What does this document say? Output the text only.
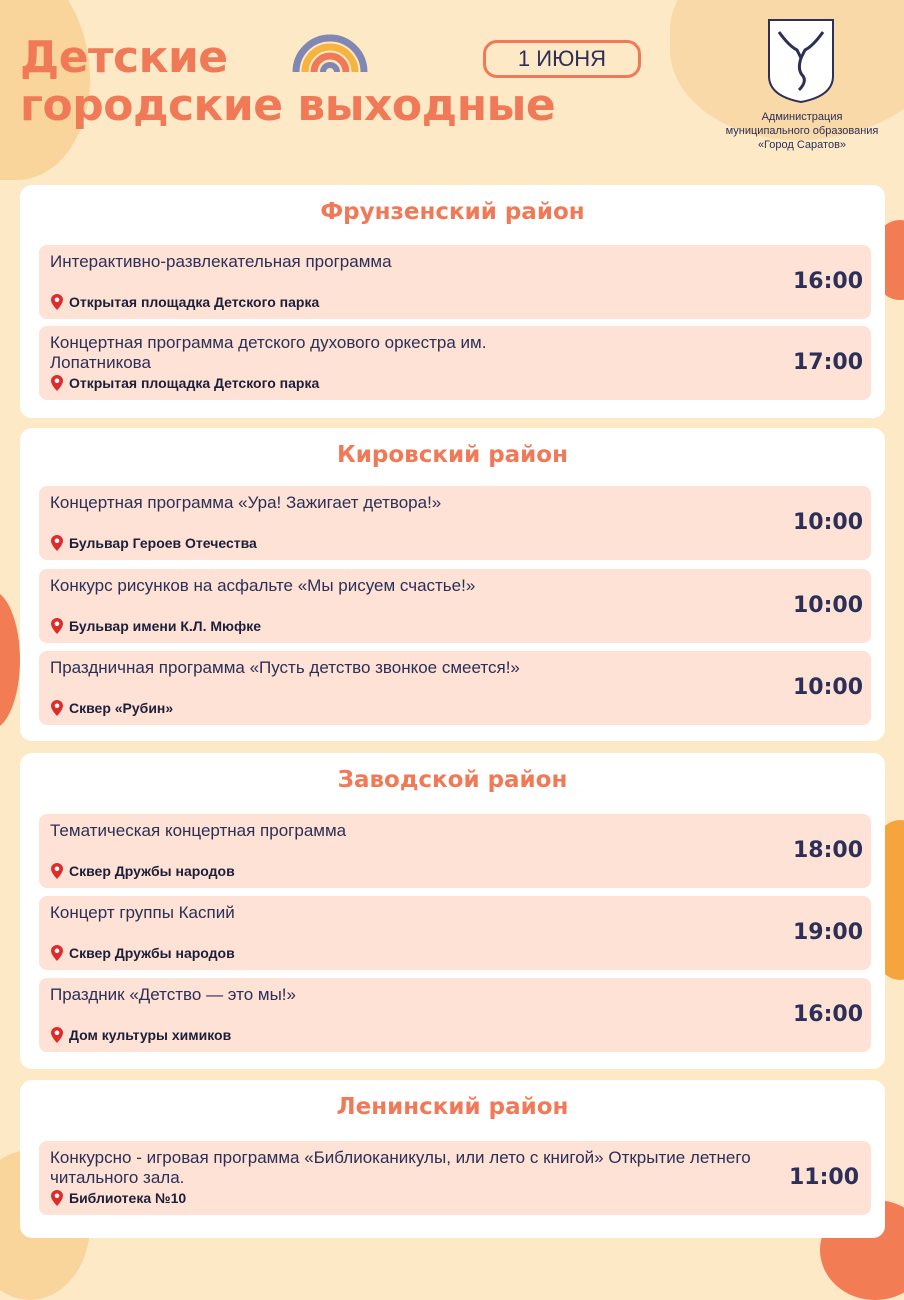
Детские
городские выходные
1 ИЮНЯ
Администрация
муниципального образования
«Город Саратов»
Фрунзенский район
Интерактивно-развлекательная программа
Открытая площадка Детского парка
16:00
Концертная программа детского духового оркестра им. Лопатникова
Открытая площадка Детского парка
17:00
Кировский район
Концертная программа «Ура! Зажигает детвора!»
Бульвар Героев Отечества
10:00
Конкурс рисунков на асфальте «Мы рисуем счастье!»
Бульвар имени К.Л. Мюфке
10:00
Праздничная программа «Пусть детство звонкое смеется!»
Сквер «Рубин»
10:00
Заводской район
Тематическая концертная программа
Сквер Дружбы народов
18:00
Концерт группы Каспий
Сквер Дружбы народов
19:00
Праздник «Детство — это мы!»
Дом культуры химиков
16:00
Ленинский район
Конкурсно - игровая программа «Библиоканикулы, или лето с книгой» Открытие летнего читального зала.
Библиотека №10
11:00
